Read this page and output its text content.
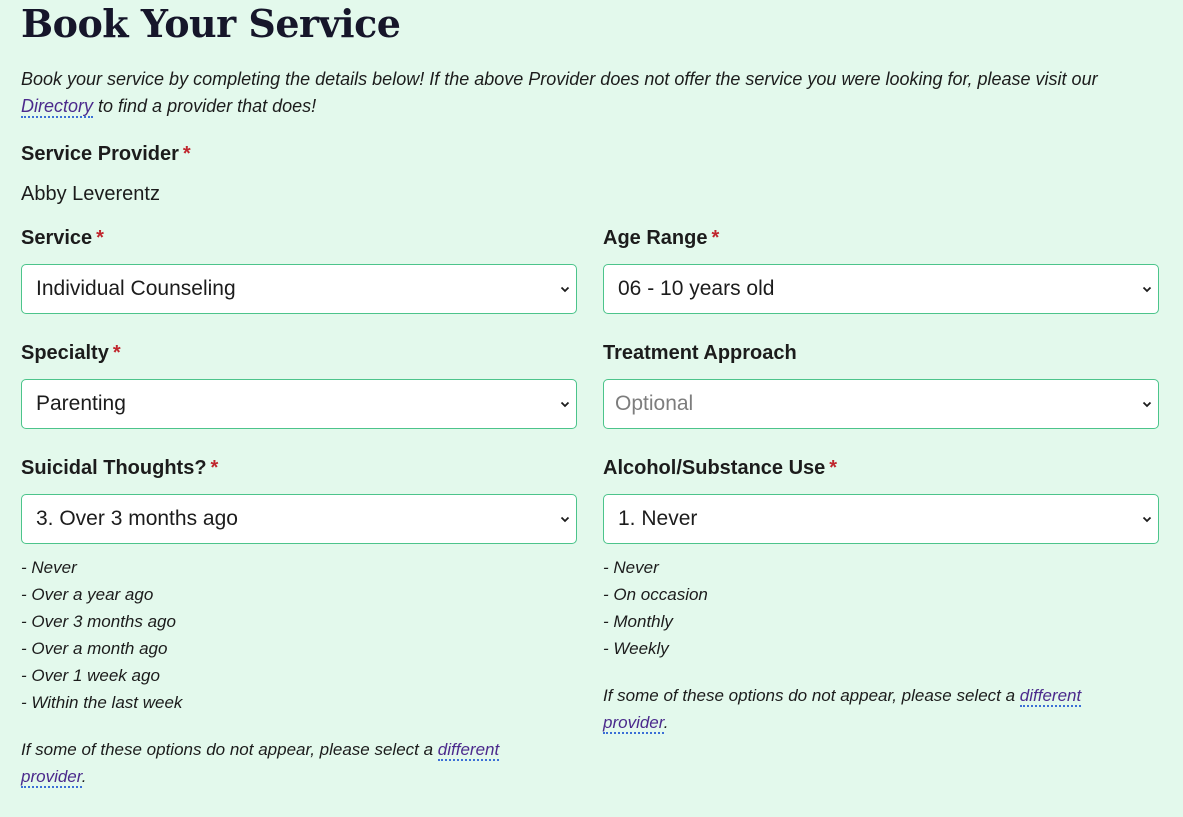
Book Your Service
Book your service by completing the details below! If the above Provider does not offer the service you were looking for, please visit our Directory to find a provider that does!
Service Provider *
Abby Leverentz
Service *
Individual Counseling
Age Range *
06 - 10 years old
Specialty *
Parenting
Treatment Approach
Optional
Suicidal Thoughts? *
3. Over 3 months ago
- Never
- Over a year ago
- Over 3 months ago
- Over a month ago
- Over 1 week ago
- Within the last week
If some of these options do not appear, please select a different
provider.
Alcohol/Substance Use *
1. Never
- Never
- On occasion
- Monthly
- Weekly
If some of these options do not appear, please select a different
provider.
